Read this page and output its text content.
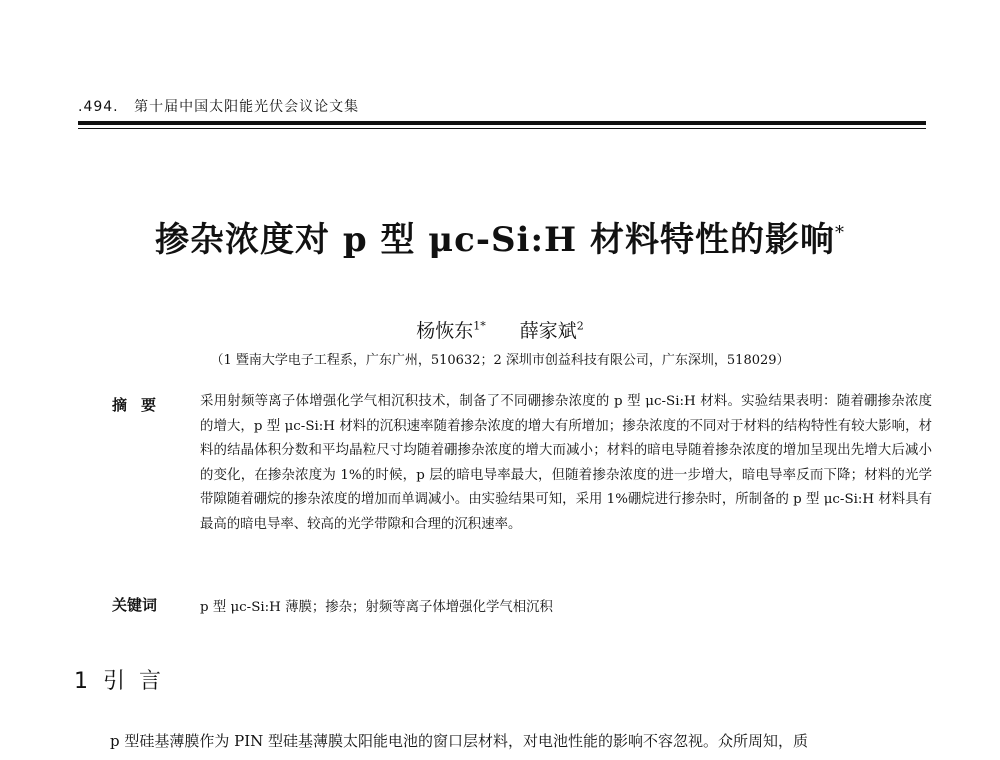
.494. 第十届中国太阳能光伏会议论文集
掺杂浓度对 p 型 μc-Si:H 材料特性的影响*
杨恢东$^{1*}$ 薛家斌$^2$
（1 暨南大学电子工程系，广东广州，510632；2 深圳市创益科技有限公司，广东深圳，518029）
摘要 采用射频等离子体增强化学气相沉积技术，制备了不同硼掺杂浓度的 p 型 μc-Si:H 材料。实验结果表明：随着硼掺杂浓度的增大，p 型 μc-Si:H 材料的沉积速率随着掺杂浓度的增大有所增加；掺杂浓度的不同对于材料的结构特性有较大影响，材料的结晶体积分数和平均晶粒尺寸均随着硼掺杂浓度的增大而减小；材料的暗电导随着掺杂浓度的增加呈现出先增大后减小的变化，在掺杂浓度为 1%的时候，p 层的暗电导率最大，但随着掺杂浓度的进一步增大，暗电导率反而下降；材料的光学带隙随着硼烷的掺杂浓度的增加而单调减小。由实验结果可知，采用 1%硼烷进行掺杂时，所制备的 p 型 μc-Si:H 材料具有最高的暗电导率、较高的光学带隙和合理的沉积速率。
关键词	p 型 μc-Si:H 薄膜；掺杂；射频等离子体增强化学气相沉积
1 引言
p 型硅基薄膜作为 PIN 型硅基薄膜太阳能电池的窗口层材料，对电池性能的影响不容忽视。众所周知，质
